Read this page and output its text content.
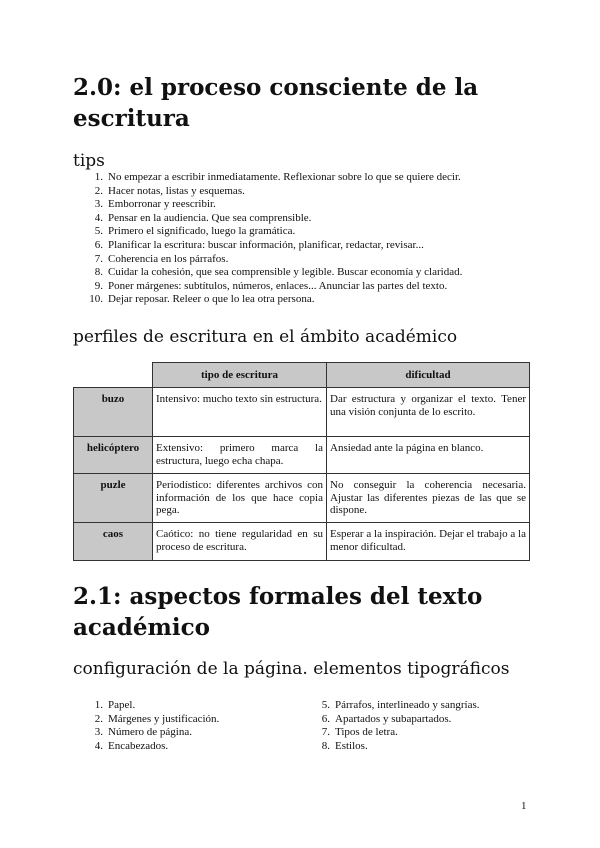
2.0: el proceso consciente de la escritura
tips
1. No empezar a escribir inmediatamente. Reflexionar sobre lo que se quiere decir.
2. Hacer notas, listas y esquemas.
3. Emborronar y reescribir.
4. Pensar en la audiencia. Que sea comprensible.
5. Primero el significado, luego la gramática.
6. Planificar la escritura: buscar información, planificar, redactar, revisar...
7. Coherencia en los párrafos.
8. Cuidar la cohesión, que sea comprensible y legible. Buscar economía y claridad.
9. Poner márgenes: subtítulos, números, enlaces... Anunciar las partes del texto.
10. Dejar reposar. Releer o que lo lea otra persona.
perfiles de escritura en el ámbito académico
	tipo de escritura	dificultad
buzo	Intensivo: mucho texto sin estructura.	Dar estructura y organizar el texto. Tener una visión conjunta de lo escrito.
helicóptero	Extensivo: primero marca la estructura, luego echa chapa.	Ansiedad ante la página en blanco.
puzle	Periodístico: diferentes archivos con información de los que hace copia pega.	No conseguir la coherencia necesaria. Ajustar las diferentes piezas de las que se dispone.
caos	Caótico: no tiene regularidad en su proceso de escritura.	Esperar a la inspiración. Dejar el trabajo a la menor dificultad.
2.1: aspectos formales del texto académico
configuración de la página. elementos tipográficos
1. Papel.
2. Márgenes y justificación.
3. Número de página.
4. Encabezados.
5. Párrafos, interlineado y sangrías.
6. Apartados y subapartados.
7. Tipos de letra.
8. Estilos.
1
